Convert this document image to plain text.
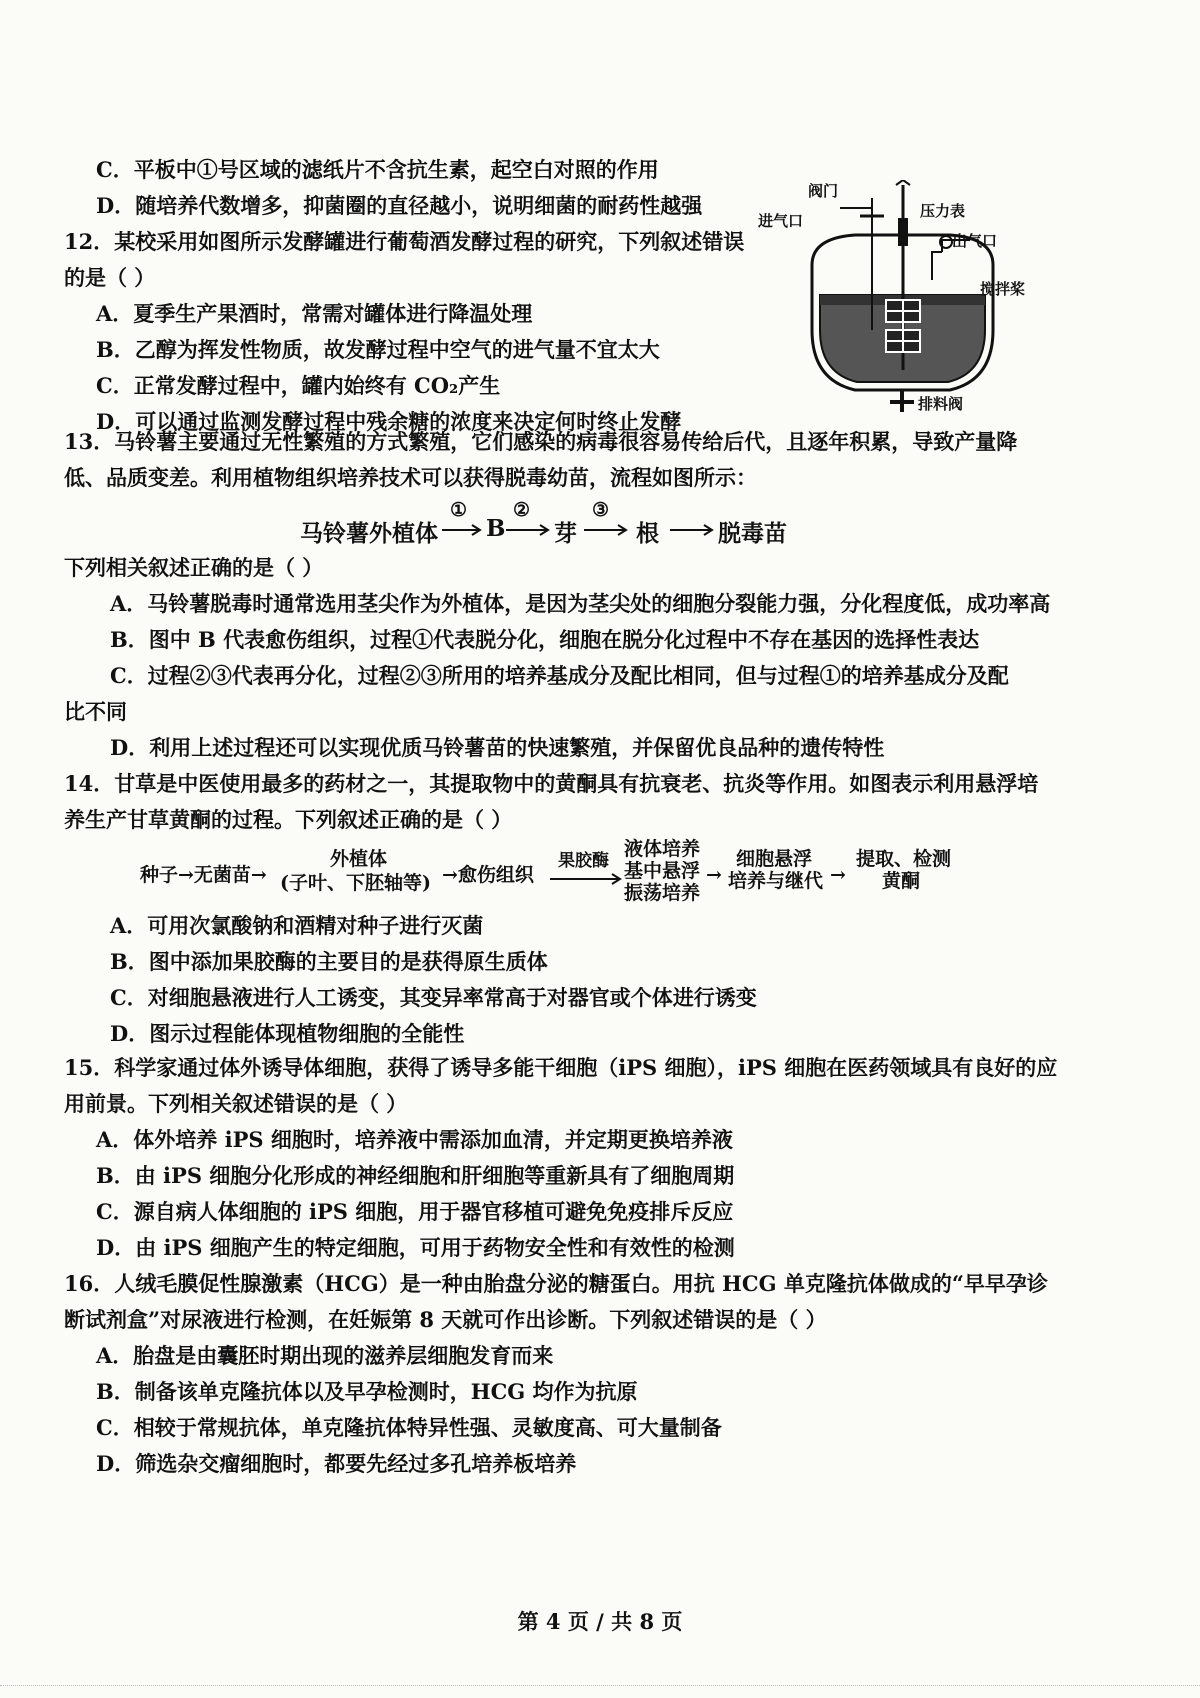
C．平板中①号区域的滤纸片不含抗生素，起空白对照的作用
D．随培养代数增多，抑菌圈的直径越小，说明细菌的耐药性越强
12．某校采用如图所示发酵罐进行葡萄酒发酵过程的研究，下列叙述错误
的是（ ）
A．夏季生产果酒时，常需对罐体进行降温处理
B．乙醇为挥发性物质，故发酵过程中空气的进气量不宜太大
C．正常发酵过程中，罐内始终有 CO₂产生
D．可以通过监测发酵过程中残余糖的浓度来决定何时终止发酵
阀门
进气口
压力表
出气口
搅拌桨
排料阀
13．马铃薯主要通过无性繁殖的方式繁殖，它们感染的病毒很容易传给后代，且逐年积累，导致产量降
低、品质变差。利用植物组织培养技术可以获得脱毒幼苗，流程如图所示：
马铃薯外植体
①
B
②
芽
③
根	脱毒苗
下列相关叙述正确的是（ ）
A．马铃薯脱毒时通常选用茎尖作为外植体，是因为茎尖处的细胞分裂能力强，分化程度低，成功率高
B．图中 B 代表愈伤组织，过程①代表脱分化，细胞在脱分化过程中不存在基因的选择性表达
C．过程②③代表再分化，过程②③所用的培养基成分及配比相同，但与过程①的培养基成分及配
比不同
D．利用上述过程还可以实现优质马铃薯苗的快速繁殖，并保留优良品种的遗传特性
14．甘草是中医使用最多的药材之一，其提取物中的黄酮具有抗衰老、抗炎等作用。如图表示利用悬浮培
养生产甘草黄酮的过程。下列叙述正确的是（ ）
种子→无菌苗→
外植体
(子叶、下胚轴等) →愈伤组织
果胶酶
液体培养
基中悬浮
振荡培养
→
细胞悬浮
培养与继代 →
提取、检测
黄酮
A．可用次氯酸钠和酒精对种子进行灭菌
B．图中添加果胶酶的主要目的是获得原生质体
C．对细胞悬液进行人工诱变，其变异率常高于对器官或个体进行诱变
D．图示过程能体现植物细胞的全能性
15．科学家通过体外诱导体细胞，获得了诱导多能干细胞（iPS 细胞），iPS 细胞在医药领域具有良好的应
用前景。下列相关叙述错误的是（ ）
A．体外培养 iPS 细胞时，培养液中需添加血清，并定期更换培养液
B．由 iPS 细胞分化形成的神经细胞和肝细胞等重新具有了细胞周期
C．源自病人体细胞的 iPS 细胞，用于器官移植可避免免疫排斥反应
D．由 iPS 细胞产生的特定细胞，可用于药物安全性和有效性的检测
16．人绒毛膜促性腺激素（HCG）是一种由胎盘分泌的糖蛋白。用抗 HCG 单克隆抗体做成的“早早孕诊
断试剂盒”对尿液进行检测，在妊娠第 8 天就可作出诊断。下列叙述错误的是（ ）
A．胎盘是由囊胚时期出现的滋养层细胞发育而来
B．制备该单克隆抗体以及早孕检测时，HCG 均作为抗原
C．相较于常规抗体，单克隆抗体特异性强、灵敏度高、可大量制备
D．筛选杂交瘤细胞时，都要先经过多孔培养板培养
第 4 页 / 共 8 页
